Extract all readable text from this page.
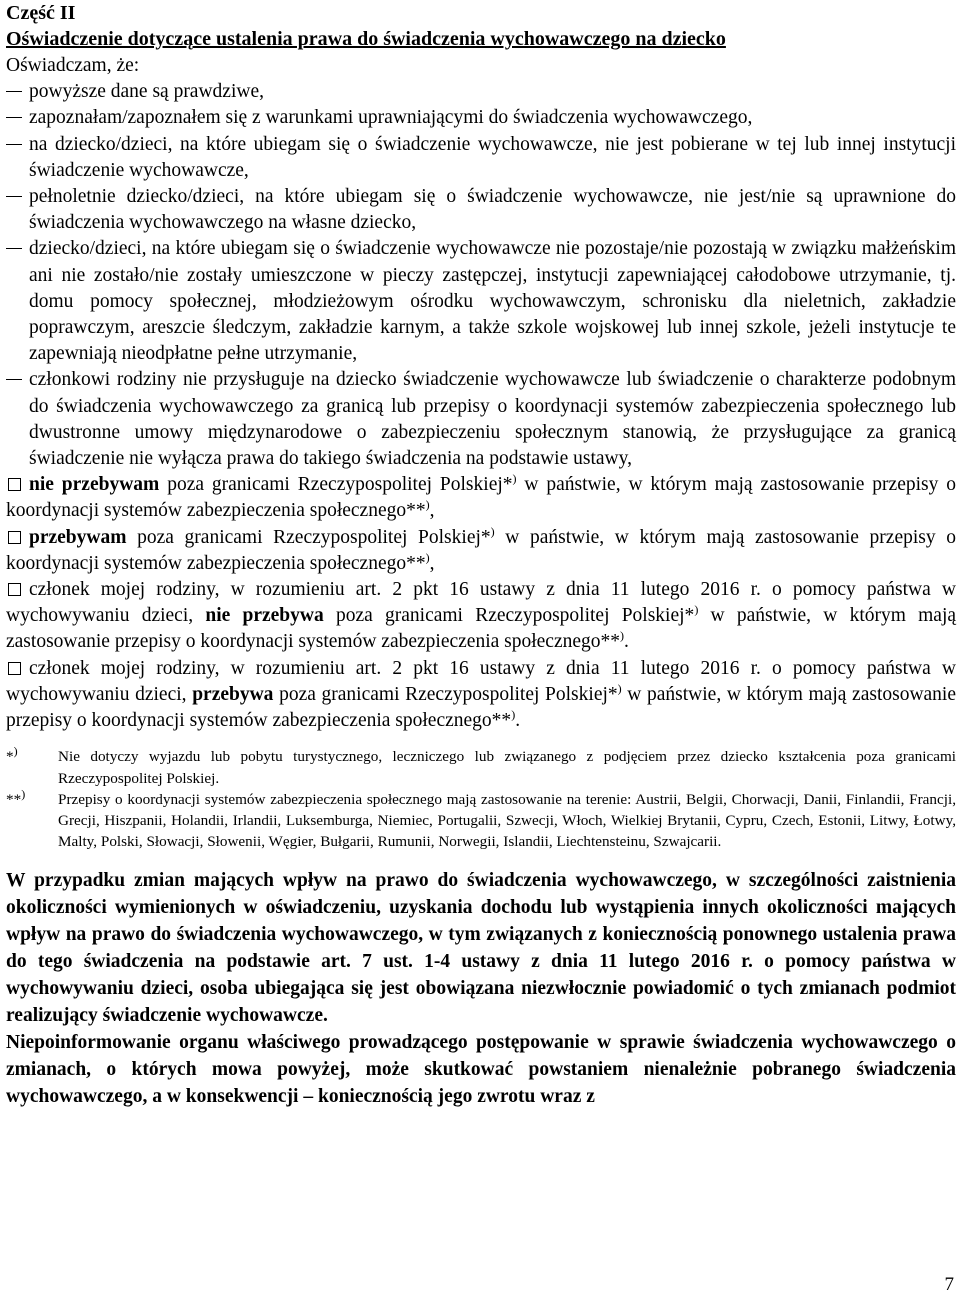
Część II

Oświadczenie dotyczące ustalenia prawa do świadczenia wychowawczego na dziecko

Oświadczam, że:

powyższe dane są prawdziwe,

zapoznałam/zapoznałem się z warunkami uprawniającymi do świadczenia wychowawczego,

na dziecko/dzieci, na które ubiegam się o świadczenie wychowawcze, nie jest pobierane w tej lub innej instytucji świadczenie wychowawcze,

pełnoletnie dziecko/dzieci, na które ubiegam się o świadczenie wychowawcze, nie jest/nie są uprawnione do świadczenia wychowawczego na własne dziecko,

dziecko/dzieci, na które ubiegam się o świadczenie wychowawcze nie pozostaje/nie pozostają w związku małżeńskim ani nie zostało/nie zostały umieszczone w pieczy zastępczej, instytucji zapewniającej całodobowe utrzymanie, tj. domu pomocy społecznej, młodzieżowym ośrodku wychowawczym, schronisku dla nieletnich, zakładzie poprawczym, areszcie śledczym, zakładzie karnym, a także szkole wojskowej lub innej szkole, jeżeli instytucje te zapewniają nieodpłatne pełne utrzymanie,

członkowi rodziny nie przysługuje na dziecko świadczenie wychowawcze lub świadczenie o charakterze podobnym do świadczenia wychowawczego za granicą lub przepisy o koordynacji systemów zabezpieczenia społecznego lub dwustronne umowy międzynarodowe o zabezpieczeniu społecznym stanowią, że przysługujące za granicą świadczenie nie wyłącza prawa do takiego świadczenia na podstawie ustawy,

nie przebywam poza granicami Rzeczypospolitej Polskiej*) w państwie, w którym mają zastosowanie przepisy o koordynacji systemów zabezpieczenia społecznego**),

przebywam poza granicami Rzeczypospolitej Polskiej*) w państwie, w którym mają zastosowanie przepisy o koordynacji systemów zabezpieczenia społecznego**),

członek mojej rodziny, w rozumieniu art. 2 pkt 16 ustawy z dnia 11 lutego 2016 r. o pomocy państwa w wychowywaniu dzieci, nie przebywa poza granicami Rzeczypospolitej Polskiej*) w państwie, w którym mają zastosowanie przepisy o koordynacji systemów zabezpieczenia społecznego**).

członek mojej rodziny, w rozumieniu art. 2 pkt 16 ustawy z dnia 11 lutego 2016 r. o pomocy państwa w wychowywaniu dzieci, przebywa poza granicami Rzeczypospolitej Polskiej*) w państwie, w którym mają zastosowanie przepisy o koordynacji systemów zabezpieczenia społecznego**).

*)	Nie dotyczy wyjazdu lub pobytu turystycznego, leczniczego lub związanego z podjęciem przez dziecko kształcenia poza granicami Rzeczypospolitej Polskiej.

**) Przepisy o koordynacji systemów zabezpieczenia społecznego mają zastosowanie na terenie: Austrii, Belgii, Chorwacji, Danii, Finlandii, Francji, Grecji, Hiszpanii, Holandii, Irlandii, Luksemburga, Niemiec, Portugalii, Szwecji, Włoch, Wielkiej Brytanii, Cypru, Czech, Estonii, Litwy, Łotwy, Malty, Polski, Słowacji, Słowenii, Węgier, Bułgarii, Rumunii, Norwegii, Islandii, Liechtensteinu, Szwajcarii.

W przypadku zmian mających wpływ na prawo do świadczenia wychowawczego, w szczególności zaistnienia okoliczności wymienionych w oświadczeniu, uzyskania dochodu lub wystąpienia innych okoliczności mających wpływ na prawo do świadczenia wychowawczego, w tym związanych z koniecznością ponownego ustalenia prawa do tego świadczenia na podstawie art. 7 ust. 1-4 ustawy z dnia 11 lutego 2016 r. o pomocy państwa w wychowywaniu dzieci, osoba ubiegająca się jest obowiązana niezwłocznie powiadomić o tych zmianach podmiot realizujący świadczenie wychowawcze.

Niepoinformowanie organu właściwego prowadzącego postępowanie w sprawie świadczenia wychowawczego o zmianach, o których mowa powyżej, może skutkować powstaniem nienależnie pobranego świadczenia wychowawczego, a w konsekwencji – koniecznością jego zwrotu wraz z

7
